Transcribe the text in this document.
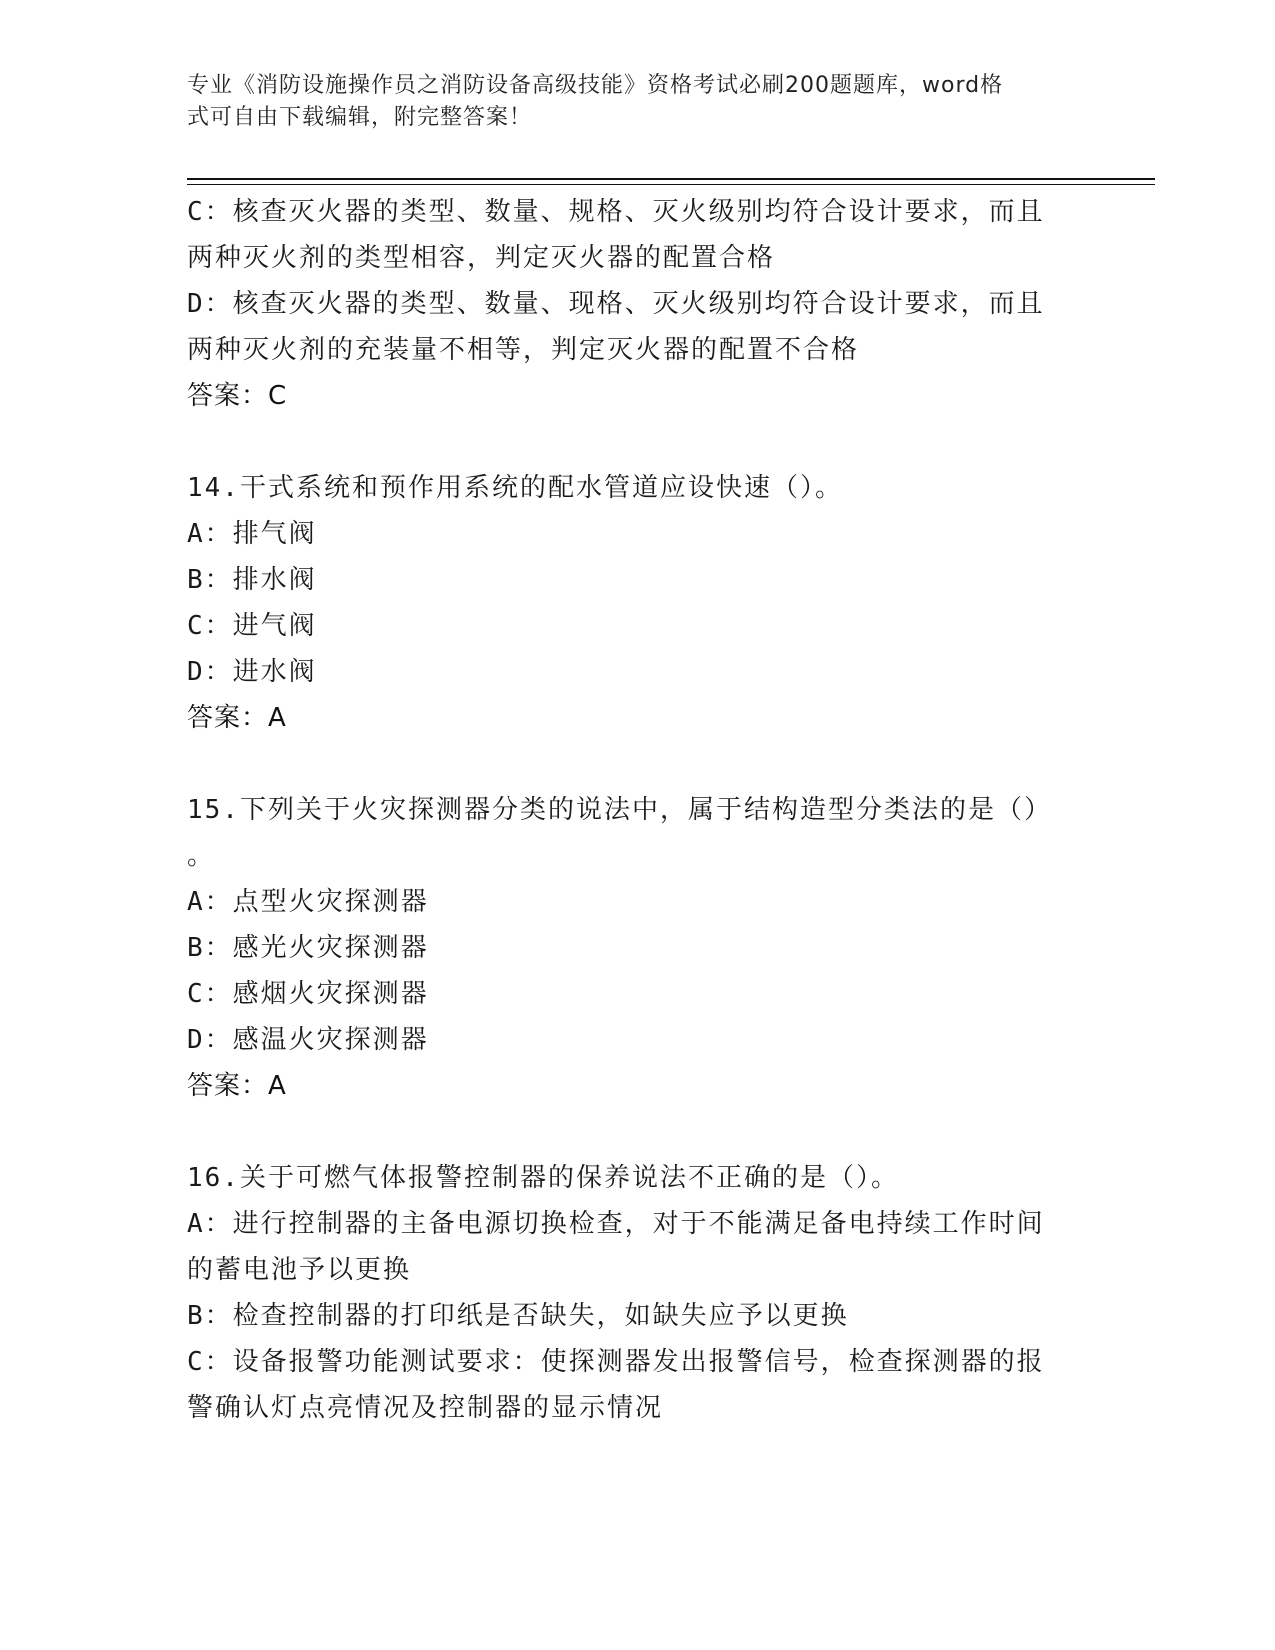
专业《消防设施操作员之消防设备高级技能》资格考试必刷200题题库，word格
式可自由下载编辑，附完整答案！
C：核查灭火器的类型、数量、规格、灭火级别均符合设计要求，而且
两种灭火剂的类型相容，判定灭火器的配置合格
D：核查灭火器的类型、数量、现格、灭火级别均符合设计要求，而且
两种灭火剂的充装量不相等，判定灭火器的配置不合格
答案：C
14.干式系统和预作用系统的配水管道应设快速（）。
A：排气阀
B：排水阀
C：进气阀
D：进水阀
答案：A
15.下列关于火灾探测器分类的说法中，属于结构造型分类法的是（）
。
A：点型火灾探测器
B：感光火灾探测器
C：感烟火灾探测器
D：感温火灾探测器
答案：A
16.关于可燃气体报警控制器的保养说法不正确的是（）。
A：进行控制器的主备电源切换检查，对于不能满足备电持续工作时间
的蓄电池予以更换
B：检查控制器的打印纸是否缺失，如缺失应予以更换
C：设备报警功能测试要求：使探测器发出报警信号，检查探测器的报
警确认灯点亮情况及控制器的显示情况
